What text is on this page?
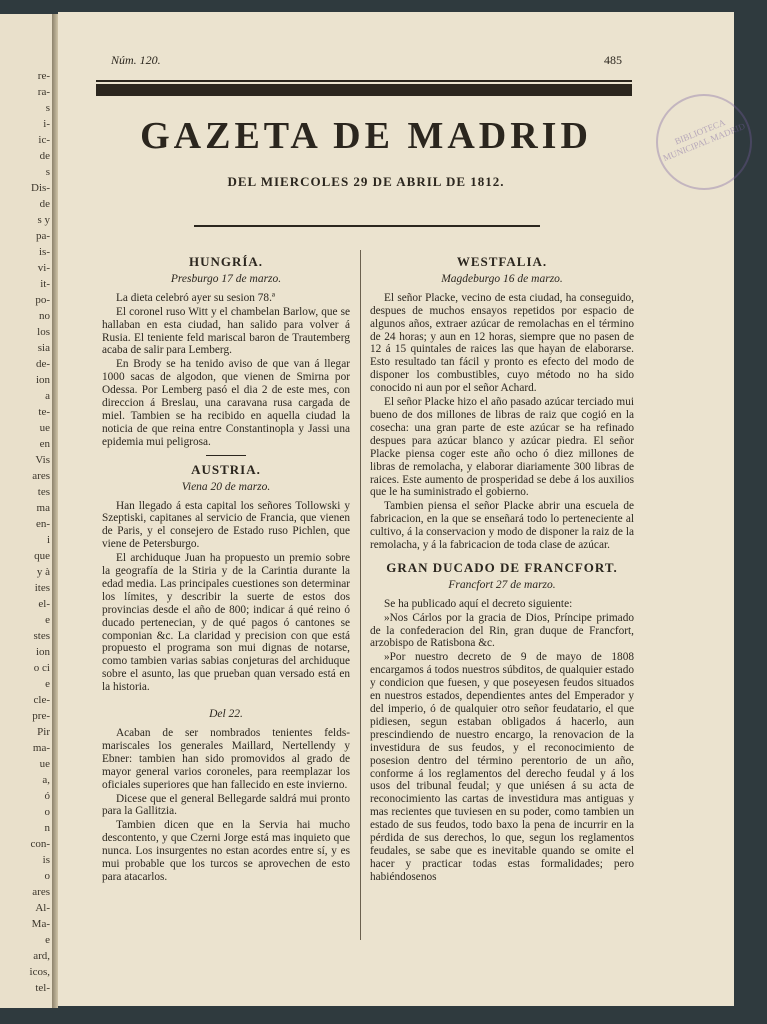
re-
ra-
s
i-
ic-
de
s
Dis-
de
s y
pa-
is-
vi-
it-
po-
no
los
sia
de-
ion
a
te-
ue
en
Vis
ares
tes
ma
en-
i
que
y à
ites
el-
e
stes
ion
o ci
e
cle-
pre-
Pir
ma-
ue
a,
ó
o
n
con-
is
o
ares
Al-
Ma-
e
ard,
icos,
tel-
Núm. 120.	485
GAZETA DE MADRID
DEL MIERCOLES 29 DE ABRIL DE 1812.
BIBLIOTECA MUNICIPAL MADRID
HUNGRÍA.
Presburgo 17 de marzo.

La dieta celebró ayer su sesion 78.ª

El coronel ruso Witt y el chambelan Barlow, que se hallaban en esta ciudad, han salido para volver á Rusia. El teniente feld mariscal baron de Trautemberg acaba de salir para Lemberg.

En Brody se ha tenido aviso de que van á llegar 1000 sacas de algodon, que vienen de Smirna por Odessa. Por Lemberg pasó el dia 2 de este mes, con direccion á Breslau, una caravana rusa cargada de miel. Tambien se ha recibido en aquella ciudad la noticia de que reina entre Constantinopla y Jassi una epidemia mui peligrosa.

AUSTRIA.
Viena 20 de marzo.

Han llegado á esta capital los señores Tollowski y Szeptiski, capitanes al servicio de Francia, que vienen de Paris, y el consejero de Estado ruso Pichlen, que viene de Petersburgo.

El archiduque Juan ha propuesto un premio sobre la geografía de la Stiria y de la Carintia durante la edad media. Las principales cuestiones son determinar los límites, y describir la suerte de estos dos provincias desde el año de 800; indicar á qué reino ó ducado pertenecian, y de qué pagos ó cantones se componian &c. La claridad y precision con que está propuesto el programa son mui dignas de notarse, como tambien varias sabias conjeturas del archiduque sobre el asunto, las que prueban quan versado está en la historia.

Del 22.

Acaban de ser nombrados tenientes felds-mariscales los generales Maillard, Nertellendy y Ebner: tambien han sido promovidos al grado de mayor general varios coroneles, para reemplazar los oficiales superiores que han fallecido en este invierno.

Dicese que el general Bellegarde saldrá mui pronto para la Gallitzia.

Tambien dicen que en la Servia hai mucho descontento, y que Czerni Jorge está mas inquieto que nunca. Los insurgentes no estan acordes entre sí, y es mui probable que los turcos se aprovechen de esto para atacarlos.

WESTFALIA.
Magdeburgo 16 de marzo.

El señor Placke, vecino de esta ciudad, ha conseguido, despues de muchos ensayos repetidos por espacio de algunos años, extraer azúcar de remolachas en el término de 24 horas; y aun en 12 horas, siempre que no pasen de 12 á 15 quintales de raices las que hayan de elaborarse. Esto resultado tan fácil y pronto es efecto del modo de disponer los combustibles, cuyo método no ha sido conocido ni aun por el señor Achard.

El señor Placke hizo el año pasado azúcar terciado mui bueno de dos millones de libras de raiz que cogió en la cosecha: una gran parte de este azúcar se ha refinado despues para azúcar blanco y azúcar piedra. El señor Placke piensa coger este año ocho ó diez millones de libras de remolacha, y elaborar diariamente 300 libras de raices. Este aumento de prosperidad se debe á los auxilios que le ha suministrado el gobierno.

Tambien piensa el señor Placke abrir una escuela de fabricacion, en la que se enseñará todo lo perteneciente al cultivo, á la conservacion y modo de disponer la raiz de la remolacha, y á la fabricacion de toda clase de azúcar.

GRAN DUCADO DE FRANCFORT.
Francfort 27 de marzo.

Se ha publicado aquí el decreto siguiente:

»Nos Cárlos por la gracia de Dios, Príncipe primado de la confederacion del Rin, gran duque de Francfort, arzobispo de Ratisbona &c.

»Por nuestro decreto de 9 de mayo de 1808 encargamos á todos nuestros súbditos, de qualquier estado y condicion que fuesen, y que poseyesen feudos situados en nuestros estados, dependientes antes del Emperador y del imperio, ó de qualquier otro señor feudatario, el que pidiesen, segun estaban obligados á hacerlo, aun prescindiendo de nuestro encargo, la renovacion de la investidura de sus feudos, y el reconocimiento de posesion dentro del término perentorio de un año, conforme á los reglamentos del derecho feudal y á los usos del tribunal feudal; y que uniésen á su acta de reconocimiento las cartas de investidura mas antiguas y mas recientes que tuviesen en su poder, como tambien un estado de sus feudos, todo baxo la pena de incurrir en la pérdida de sus derechos, lo que, segun los reglamentos feudales, se sabe que es inevitable quando se omite el hacer y practicar todas estas formalidades; pero habiéndosenos
